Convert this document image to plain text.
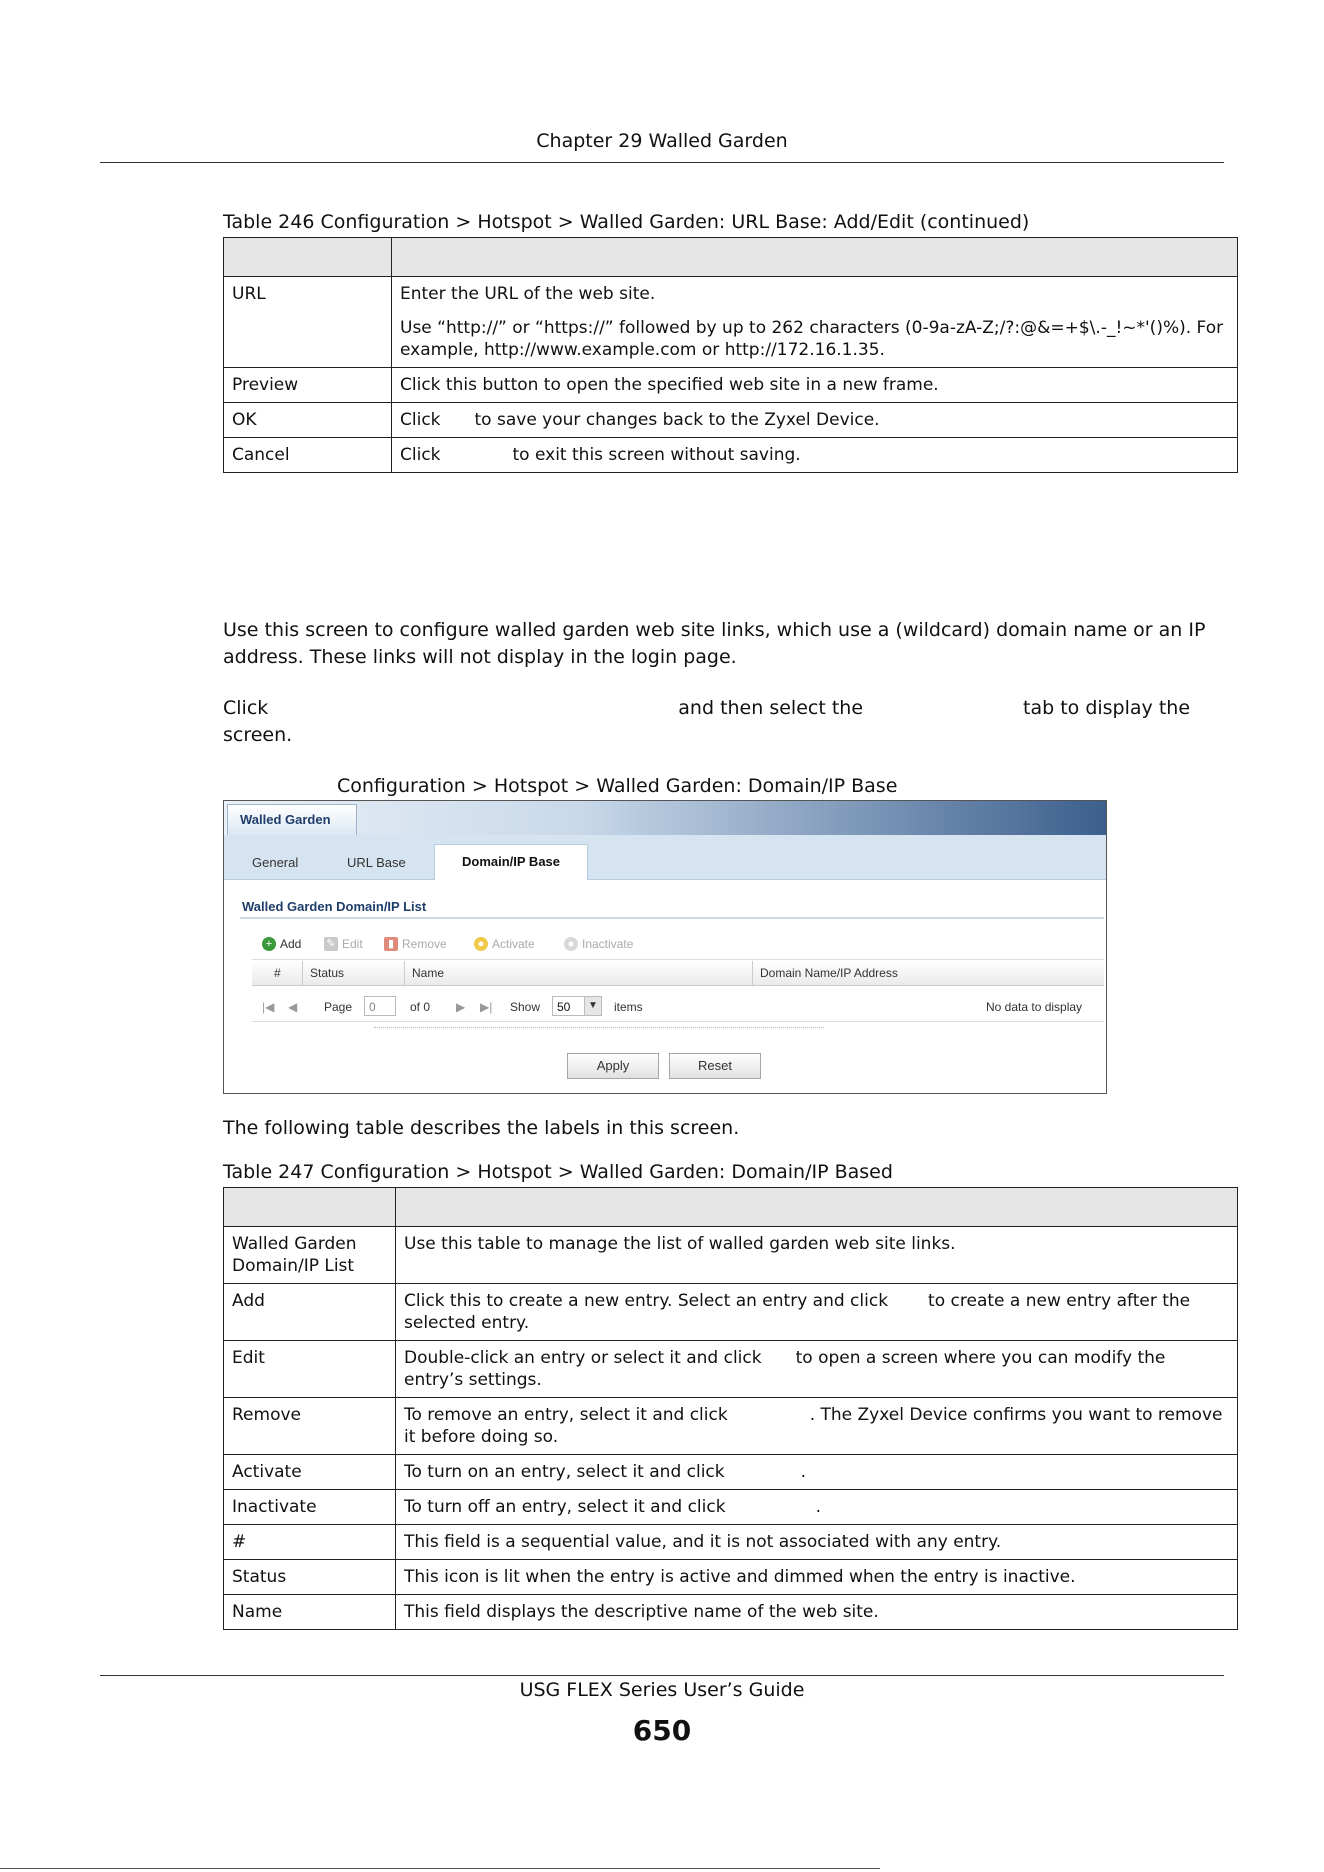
Chapter 29 Walled Garden
Table 246 Configuration > Hotspot > Walled Garden: URL Base: Add/Edit (continued)

URL	Enter the URL of the web site.
Use “http://” or “https://” followed by up to 262 characters (0-9a-zA-Z;/?:@&=+$\.-_!~*'()%). For example, http://www.example.com or http://172.16.1.35.

Preview	Click this button to open the specified web site in a new frame.
OK	Click to save your changes back to the Zyxel Device.
Cancel	Click to exit this screen without saving.
Use this screen to configure walled garden web site links, which use a (wildcard) domain name or an IP address. These links will not display in the login page.
Click	and then select the	tab to display the
screen.
Configuration > Hotspot > Walled Garden: Domain/IP Base
Walled Garden
General	URL Base	Domain/IP Base
Walled Garden Domain/IP List
+ Add ✎ Edit	▮ Remove	● Activate	● Inactivate
# Status	Name	Domain Name/IP Address
|◀ ◀ Page	0	of 0 ▶ ▶| Show	50	▼ items	No data to display
Apply	Reset
The following table describes the labels in this screen.
Table 247 Configuration > Hotspot > Walled Garden: Domain/IP Based

Walled Garden Domain/IP List	Use this table to manage the list of walled garden web site links.
Add	Click this to create a new entry. Select an entry and click to create a new entry after the selected entry.
Edit	Double-click an entry or select it and click to open a screen where you can modify the entry’s settings.
Remove	To remove an entry, select it and click . The Zyxel Device confirms you want to remove it before doing so.
Activate	To turn on an entry, select it and click .
Inactivate	To turn off an entry, select it and click .
#	This field is a sequential value, and it is not associated with any entry.
Status	This icon is lit when the entry is active and dimmed when the entry is inactive.
Name	This field displays the descriptive name of the web site.
USG FLEX Series User’s Guide
650
